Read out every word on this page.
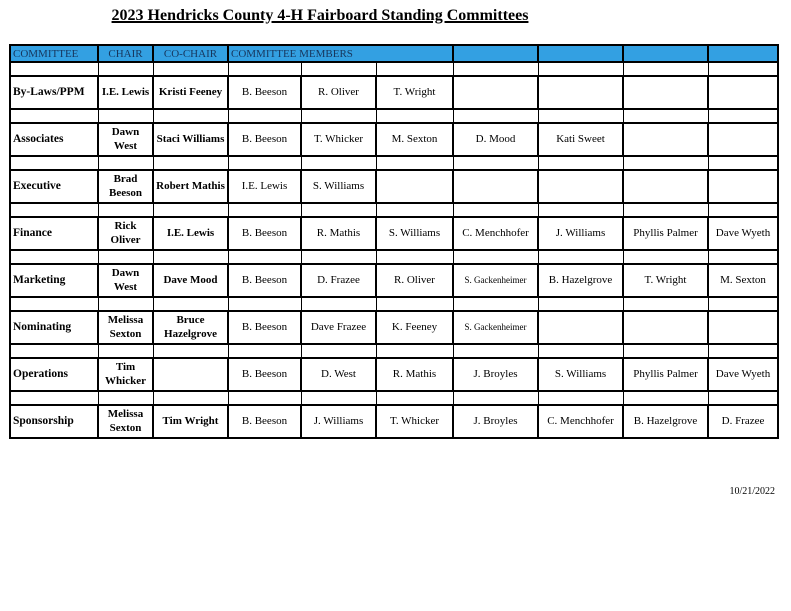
2023 Hendricks County 4-H Fairboard Standing Committees
COMMITTEE	CHAIR	CO-CHAIR	COMMITTEE MEMBERS						

By-Laws/PPM	I.E. Lewis	Kristi Feeney	B. Beeson	R. Oliver	T. Wright				

Associates	Dawn West	Staci Williams	B. Beeson	T. Whicker	M. Sexton	D. Mood	Kati Sweet		

Executive	Brad Beeson	Robert Mathis	I.E. Lewis	S. Williams					

Finance	Rick Oliver	I.E. Lewis	B. Beeson	R. Mathis	S. Williams	C. Menchhofer	J. Williams	Phyllis Palmer	Dave Wyeth

Marketing	Dawn West	Dave Mood	B. Beeson	D. Frazee	R. Oliver	S. Gackenheimer	B. Hazelgrove	T. Wright	M. Sexton

Nominating	Melissa Sexton	Bruce Hazelgrove	B. Beeson	Dave Frazee	K. Feeney	S. Gackenheimer			

Operations	Tim Whicker		B. Beeson	D. West	R. Mathis	J. Broyles	S. Williams	Phyllis Palmer	Dave Wyeth

Sponsorship	Melissa Sexton	Tim Wright	B. Beeson	J. Williams	T. Whicker	J. Broyles	C. Menchhofer	B. Hazelgrove	D. Frazee
10/21/2022
